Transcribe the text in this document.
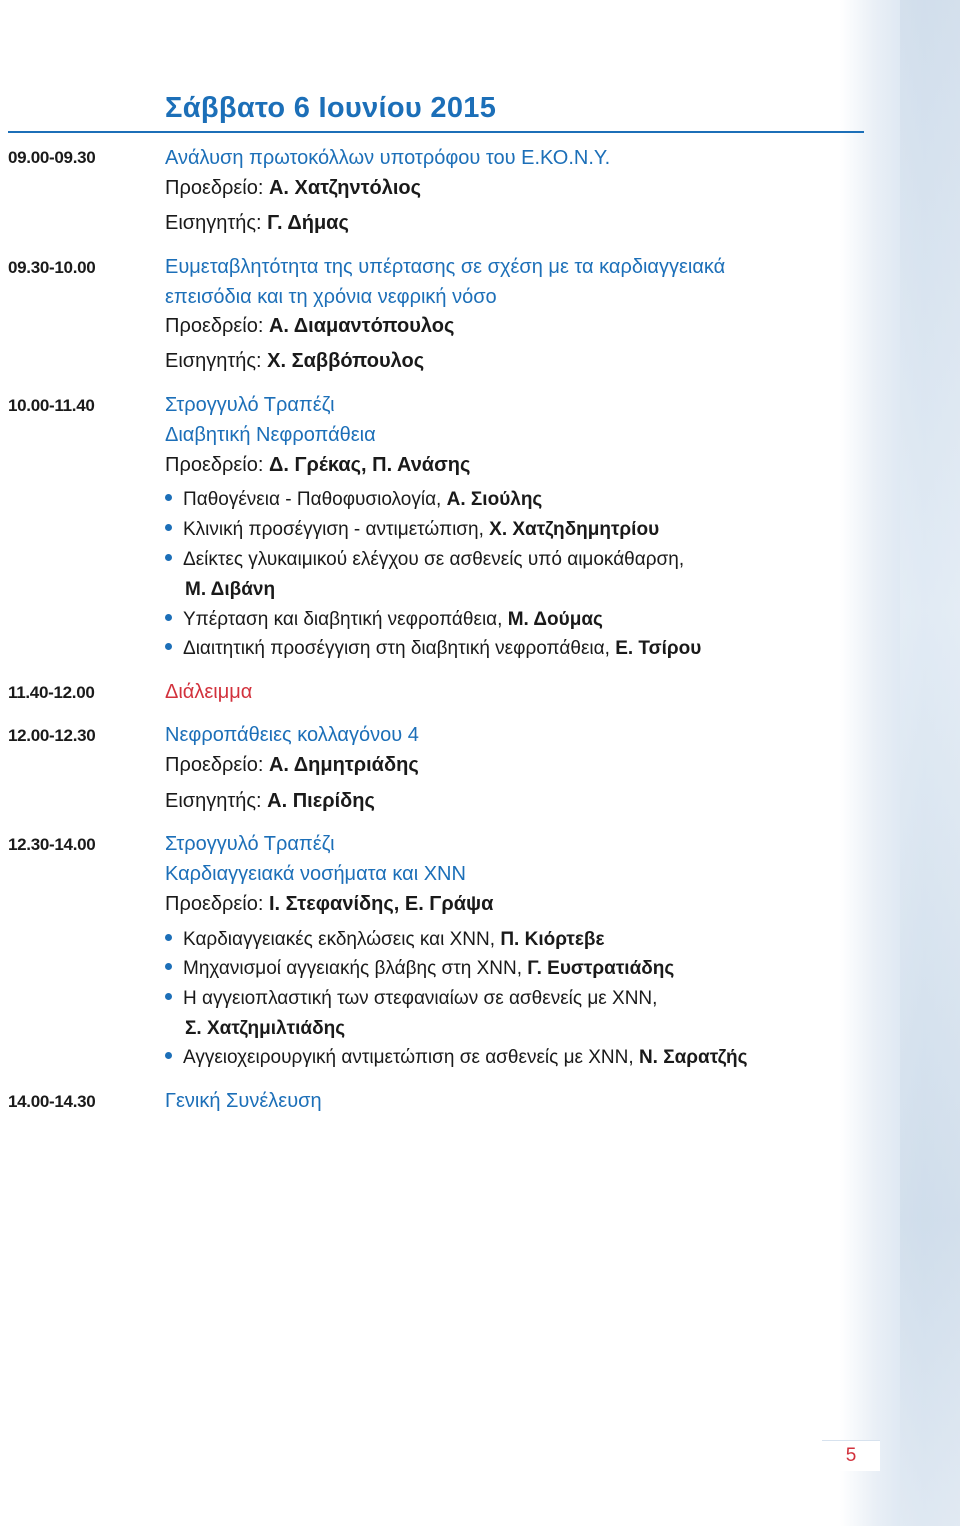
Σάββατο 6 Ιουνίου 2015
09.00-09.30	Ανάλυση πρωτοκόλλων υποτρόφου του Ε.ΚΟ.Ν.Υ.
Προεδρείο: Α. Χατζηντόλιος
Εισηγητής: Γ. Δήμας
09.30-10.00	Ευμεταβλητότητα της υπέρτασης σε σχέση με τα καρδιαγγειακά
επεισόδια και τη χρόνια νεφρική νόσο
Προεδρείο: Α. Διαμαντόπουλος
Εισηγητής: Χ. Σαββόπουλος
10.00-11.40	Στρογγυλό Τραπέζι
Διαβητική Νεφροπάθεια
Προεδρείο: Δ. Γρέκας, Π. Ανάσης
Παθογένεια - Παθοφυσιολογία, Α. Σιούλης
Κλινική προσέγγιση - αντιμετώπιση, Χ. Χατζηδημητρίου
Δείκτες γλυκαιμικού ελέγχου σε ασθενείς υπό αιμοκάθαρση,
Μ. Διβάνη
Υπέρταση και διαβητική νεφροπάθεια, Μ. Δούμας
Διαιτητική προσέγγιση στη διαβητική νεφροπάθεια, Ε. Τσίρου
11.40-12.00	Διάλειμμα
12.00-12.30	Νεφροπάθειες κολλαγόνου 4
Προεδρείο: Α. Δημητριάδης
Εισηγητής: Α. Πιερίδης
12.30-14.00	Στρογγυλό Τραπέζι
Καρδιαγγειακά νοσήματα και ΧΝΝ
Προεδρείο: Ι. Στεφανίδης, Ε. Γράψα
Καρδιαγγειακές εκδηλώσεις και ΧΝΝ, Π. Κιόρτεβε
Μηχανισμοί αγγειακής βλάβης στη ΧΝΝ, Γ. Ευστρατιάδης
Η αγγειοπλαστική των στεφανιαίων σε ασθενείς με ΧΝΝ,
Σ. Χατζημιλτιάδης
Αγγειοχειρουργική αντιμετώπιση σε ασθενείς με ΧΝΝ, Ν. Σαρατζής
14.00-14.30	Γενική Συνέλευση
5
